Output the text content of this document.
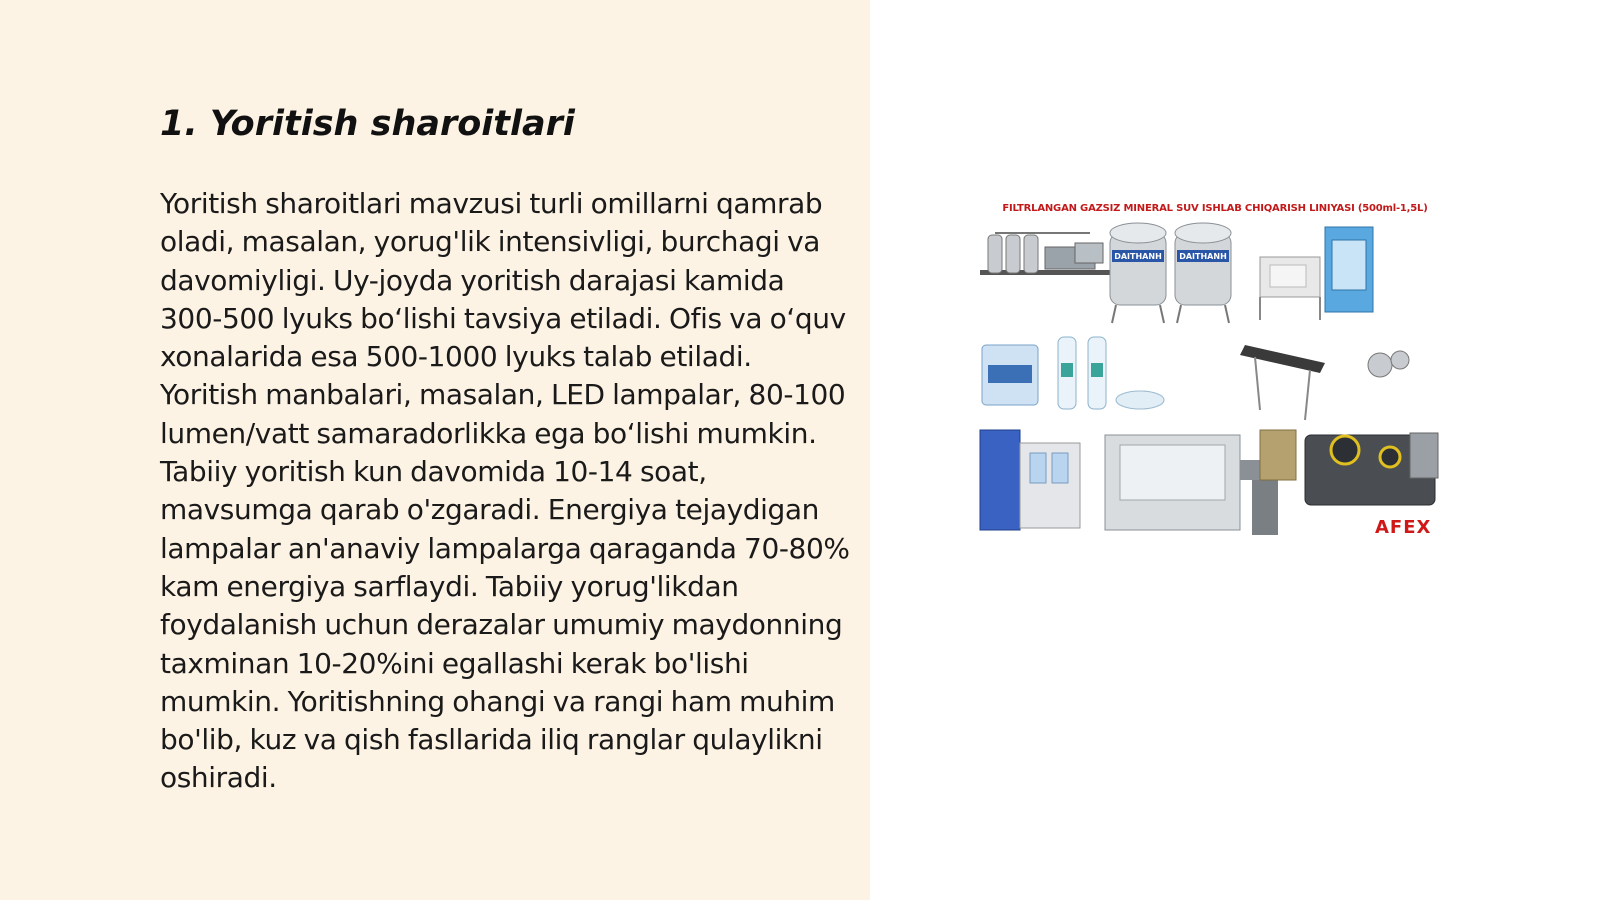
1. Yoritish sharoitlari

Yoritish sharoitlari mavzusi turli omillarni qamrab oladi, masalan, yorug'lik intensivligi, burchagi va davomiyligi. Uy-joyda yoritish darajasi kamida 300-500 lyuks bo‘lishi tavsiya etiladi. Ofis va o‘quv xonalarida esa 500-1000 lyuks talab etiladi. Yoritish manbalari, masalan, LED lampalar, 80-100 lumen/vatt samaradorlikka ega bo‘lishi mumkin. Tabiiy yoritish kun davomida 10-14 soat, mavsumga qarab o'zgaradi. Energiya tejaydigan lampalar an'anaviy lampalarga qaraganda 70-80% kam energiya sarflaydi. Tabiiy yorug'likdan foydalanish uchun derazalar umumiy maydonning taxminan 10-20%ini egallashi kerak bo'lishi mumkin. Yoritishning ohangi va rangi ham muhim bo'lib, kuz va qish fasllarida iliq ranglar qulaylikni oshiradi.

DAITHANH DAITHANH
FILTRLANGAN GAZSIZ MINERAL SUV ISHLAB CHIQARISH LINIYASI (500ml-1,5L)
AFEX
